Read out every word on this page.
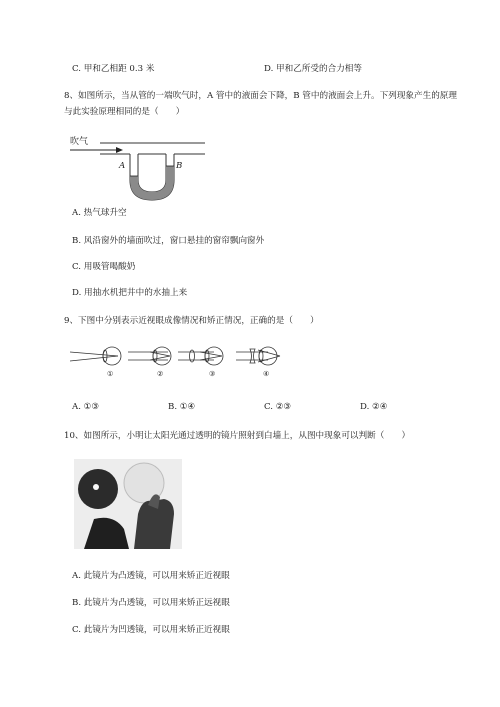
C. 甲和乙相距 0.3 米	D. 甲和乙所受的合力相等
8、如图所示，当从管的一端吹气时，A 管中的液面会下降，B 管中的液面会上升。下列现象产生的原理
与此实验原理相同的是（　　）
吹气
A	B
A. 热气球升空
B. 风沿窗外的墙面吹过，窗口悬挂的窗帘飘向窗外
C. 用吸管喝酸奶
D. 用抽水机把井中的水抽上来
9、下图中分别表示近视眼成像情况和矫正情况，正确的是（　　）
①	②	③	④
A. ①③	B. ①④	C. ②③	D. ②④
10、如图所示，小明让太阳光通过透明的镜片照射到白墙上，从图中现象可以判断（　　）
A. 此镜片为凸透镜，可以用来矫正近视眼
B. 此镜片为凸透镜，可以用来矫正远视眼
C. 此镜片为凹透镜，可以用来矫正近视眼
